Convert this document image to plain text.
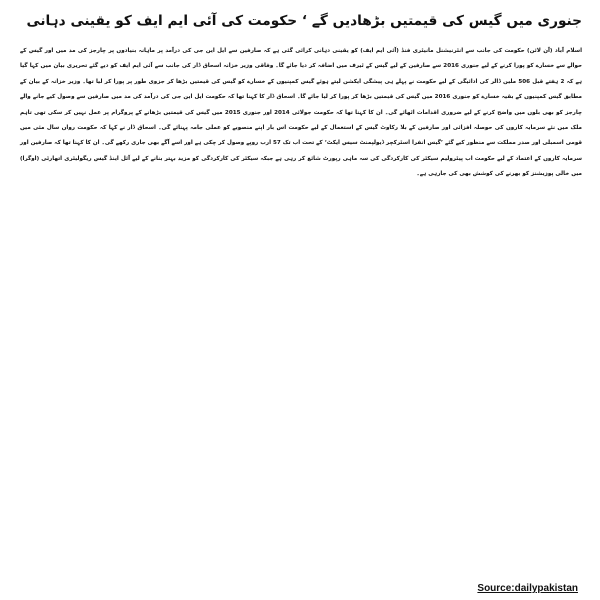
جنوری میں گیس کی قیمتیں بڑھادیں گے ‘ حکومت کی آئی ایم ایف کو یقینی دہانی

اسلام آباد (آن لائن) حکومت کی جانب سے انٹرنیشنل مانیٹری فنڈ (آئی ایم ایف) کو یقینی دہانی کرائی گئی ہے کہ صارفین سے ایل این جی کی درآمد پر ماہانہ بنیادوں پر چارجز کی مد میں اور گیس کے حوالے سے خسارے کو پورا کرنے کے لیے جنوری 2016 سے صارفین کے لیے گیس کے ٹیرف میں اضافہ کر دیا جائے گا۔ وفاقی وزیر خزانہ اسحاق ڈار کی جانب سے آئی ایم ایف کو دیے گئے تحریری بیان میں کہا گیا ہے کہ 2 ہفتے قبل 506 ملین ڈالر کی ادائیگی کے لیے حکومت نے پہلے ہی پیشگی ایکشن لیتے ہوئے گیس کمپنیوں کے خسارے کو گیس کی قیمتیں بڑھا کر جزوی طور پر پورا کر لیا تھا۔ وزیر خزانہ کے بیان کے مطابق گیس کمپنیوں کے بقیہ خسارے کو جنوری 2016 میں گیس کی قیمتیں بڑھا کر پورا کر لیا جائے گا۔ اسحاق ڈار کا کہنا تھا کہ حکومت ایل این جی کی درآمد کی مد میں صارفین سے وصول کیے جانے والے چارجز کو بھی بلوں میں واضح کرنے کے لیے ضروری اقدامات اٹھائے گی۔ ان کا کہنا تھا کہ حکومت جولائی 2014 اور جنوری 2015 میں گیس کی قیمتیں بڑھانے کے پروگرام پر عمل نہیں کر سکی تھی تاہم ملک میں نئے سرمایہ کاروں کی حوصلہ افزائی اور صارفین کے بلا رکاوٹ گیس کے استعمال کے لیے حکومت اس بار اپنے منصوبے کو عملی جامہ پہنائے گی۔ اسحاق ڈار نے کہا کہ حکومت رواں سال مئی میں قومی اسمبلی اور صدر مملکت سے منظور کیے گئے ’گیس انفرا اسٹرکچر ڈیولپمنٹ سیس ایکٹ‘ کے تحت اب تک 57 ارب روپے وصول کر چکی ہے اور اسے آگے بھی جاری رکھے گی۔ ان کا کہنا تھا کہ صارفین اور سرمایہ کاروں کے اعتماد کے لیے حکومت اب پیٹرولیم سیکٹر کی کارکردگی کی سہ ماہی رپورٹ شائع کر رہی ہے جبکہ سیکٹر کی کارکردگی کو مزید بہتر بنانے کے لیے آئل اینڈ گیس ریگولیٹری اتھارٹی (اوگرا) میں خالی پوزیشنز کو بھرنے کی کوشش بھی کی جارہی ہے۔

Source:dailypakistan
